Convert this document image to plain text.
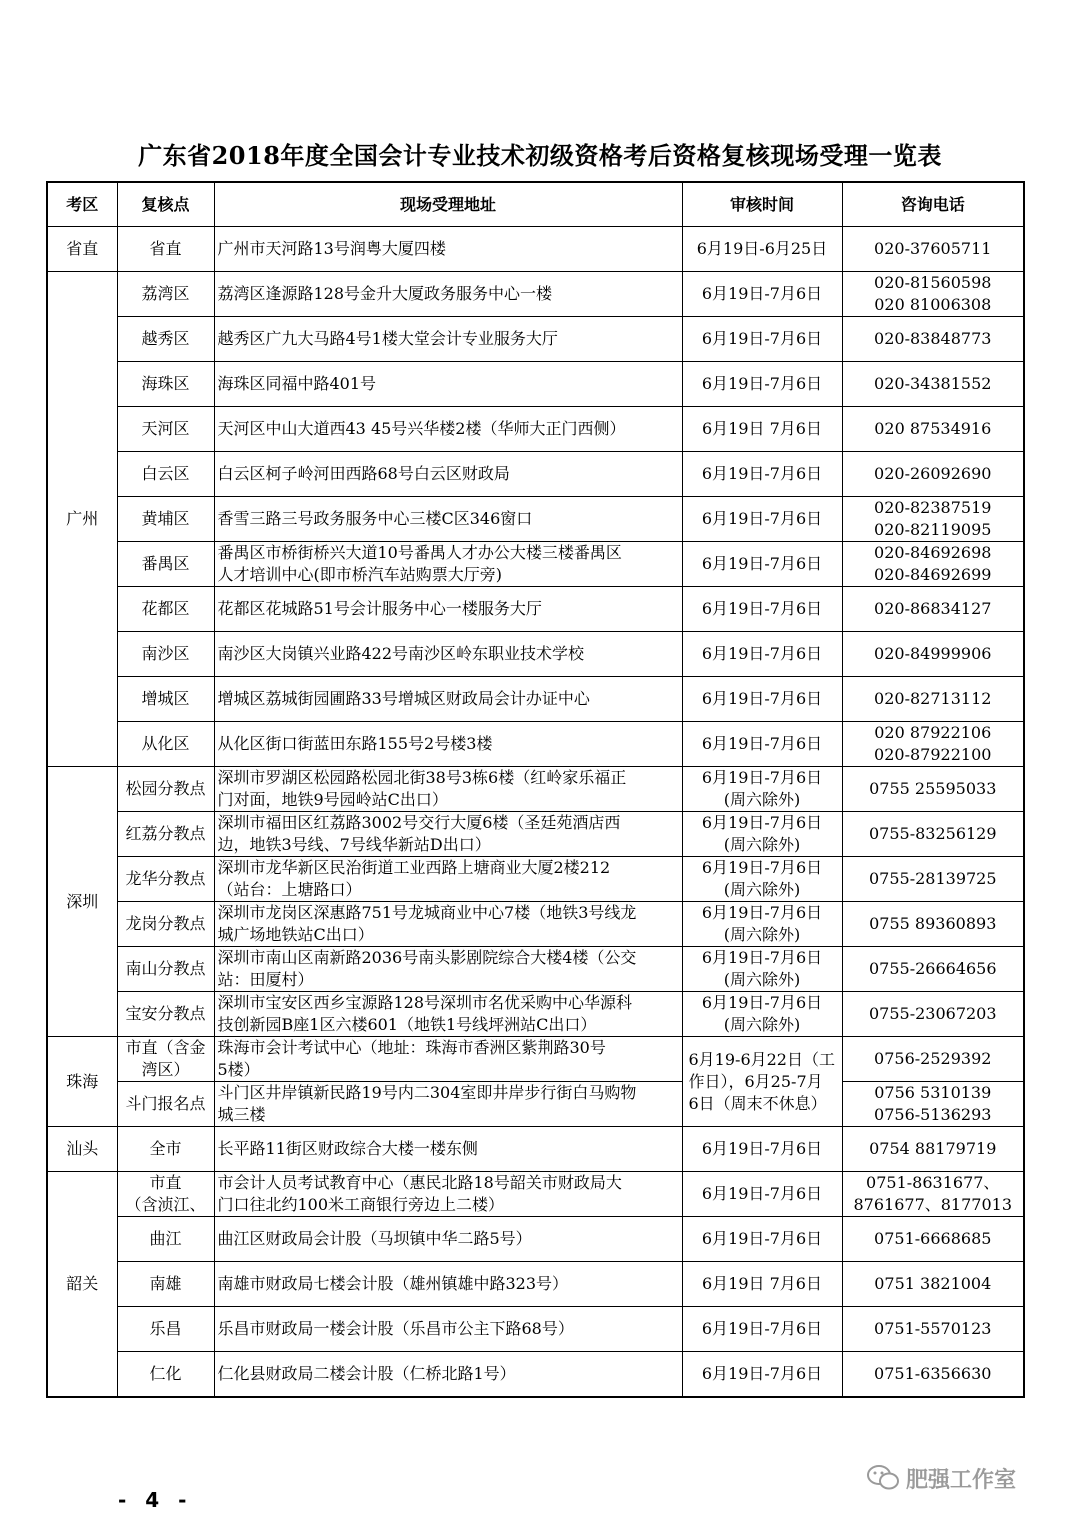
广东省2018年度全国会计专业技术初级资格考后资格复核现场受理一览表
考区	复核点	现场受理地址	审核时间	咨询电话
省直	省直	广州市天河路13号润粤大厦四楼	6月19日-6月25日	020-37605711

广州	荔湾区	荔湾区逢源路128号金升大厦政务服务中心一楼	6月19日-7月6日	020-81560598
020 81006308

	越秀区	越秀区广九大马路4号1楼大堂会计专业服务大厅	6月19日-7月6日	020-83848773

	海珠区	海珠区同福中路401号	6月19日-7月6日	020-34381552

	天河区	天河区中山大道西43 45号兴华楼2楼（华师大正门西侧）	6月19日 7月6日	020 87534916

	白云区	白云区柯子岭河田西路68号白云区财政局	6月19日-7月6日	020-26092690

	黄埔区	香雪三路三号政务服务中心三楼C区346窗口	6月19日-7月6日	020-82387519
020-82119095

	番禺区	番禺区市桥街桥兴大道10号番禺人才办公大楼三楼番禺区
人才培训中心(即市桥汽车站购票大厅旁)	6月19日-7月6日	020-84692698
020-84692699

	花都区	花都区花城路51号会计服务中心一楼服务大厅	6月19日-7月6日	020-86834127

	南沙区	南沙区大岗镇兴业路422号南沙区岭东职业技术学校	6月19日-7月6日	020-84999906

	增城区	增城区荔城街园圃路33号增城区财政局会计办证中心	6月19日-7月6日	020-82713112

	从化区	从化区街口街蓝田东路155号2号楼3楼	6月19日-7月6日	020 87922106
020-87922100

深圳	松园分教点	深圳市罗湖区松园路松园北街38号3栋6楼（红岭家乐福正
门对面，地铁9号园岭站C出口）	6月19日-7月6日
(周六除外)	0755 25595033

	红荔分教点	深圳市福田区红荔路3002号交行大厦6楼（圣廷苑酒店西
边，地铁3号线、7号线华新站D出口）	6月19日-7月6日
(周六除外)	0755-83256129

	龙华分教点	深圳市龙华新区民治街道工业西路上塘商业大厦2楼212
（站台：上塘路口）	6月19日-7月6日
(周六除外)	0755-28139725

	龙岗分教点	深圳市龙岗区深惠路751号龙城商业中心7楼（地铁3号线龙
城广场地铁站C出口）	6月19日-7月6日
(周六除外)	0755 89360893

	南山分教点	深圳市南山区南新路2036号南头影剧院综合大楼4楼（公交
站：田厦村）	6月19日-7月6日
(周六除外)	0755-26664656

	宝安分教点	深圳市宝安区西乡宝源路128号深圳市名优采购中心华源科
技创新园B座1区六楼601（地铁1号线坪洲站C出口）	6月19日-7月6日
(周六除外)	0755-23067203

珠海	市直（含金
湾区）	珠海市会计考试中心（地址：珠海市香洲区紫荆路30号
5楼）	6月19-6月22日（工
作日），6月25-7月
6日（周末不休息）	0756-2529392

	斗门报名点	斗门区井岸镇新民路19号内二304室即井岸步行街白马购物
城三楼		0756 5310139
0756-5136293

汕头	全市	长平路11街区财政综合大楼一楼东侧	6月19日-7月6日	0754 88179719

韶关	市直
（含浈江、	市会计人员考试教育中心（惠民北路18号韶关市财政局大
门口往北约100米工商银行旁边上二楼）	6月19日-7月6日	0751-8631677、
8761677、8177013

	曲江	曲江区财政局会计股（马坝镇中华二路5号）	6月19日-7月6日	0751-6668685

	南雄	南雄市财政局七楼会计股（雄州镇雄中路323号）	6月19日 7月6日	0751 3821004

	乐昌	乐昌市财政局一楼会计股（乐昌市公主下路68号）	6月19日-7月6日	0751-5570123

	仁化	仁化县财政局二楼会计股（仁桥北路1号）	6月19日-7月6日	0751-6356630
- 4 -
肥强工作室
